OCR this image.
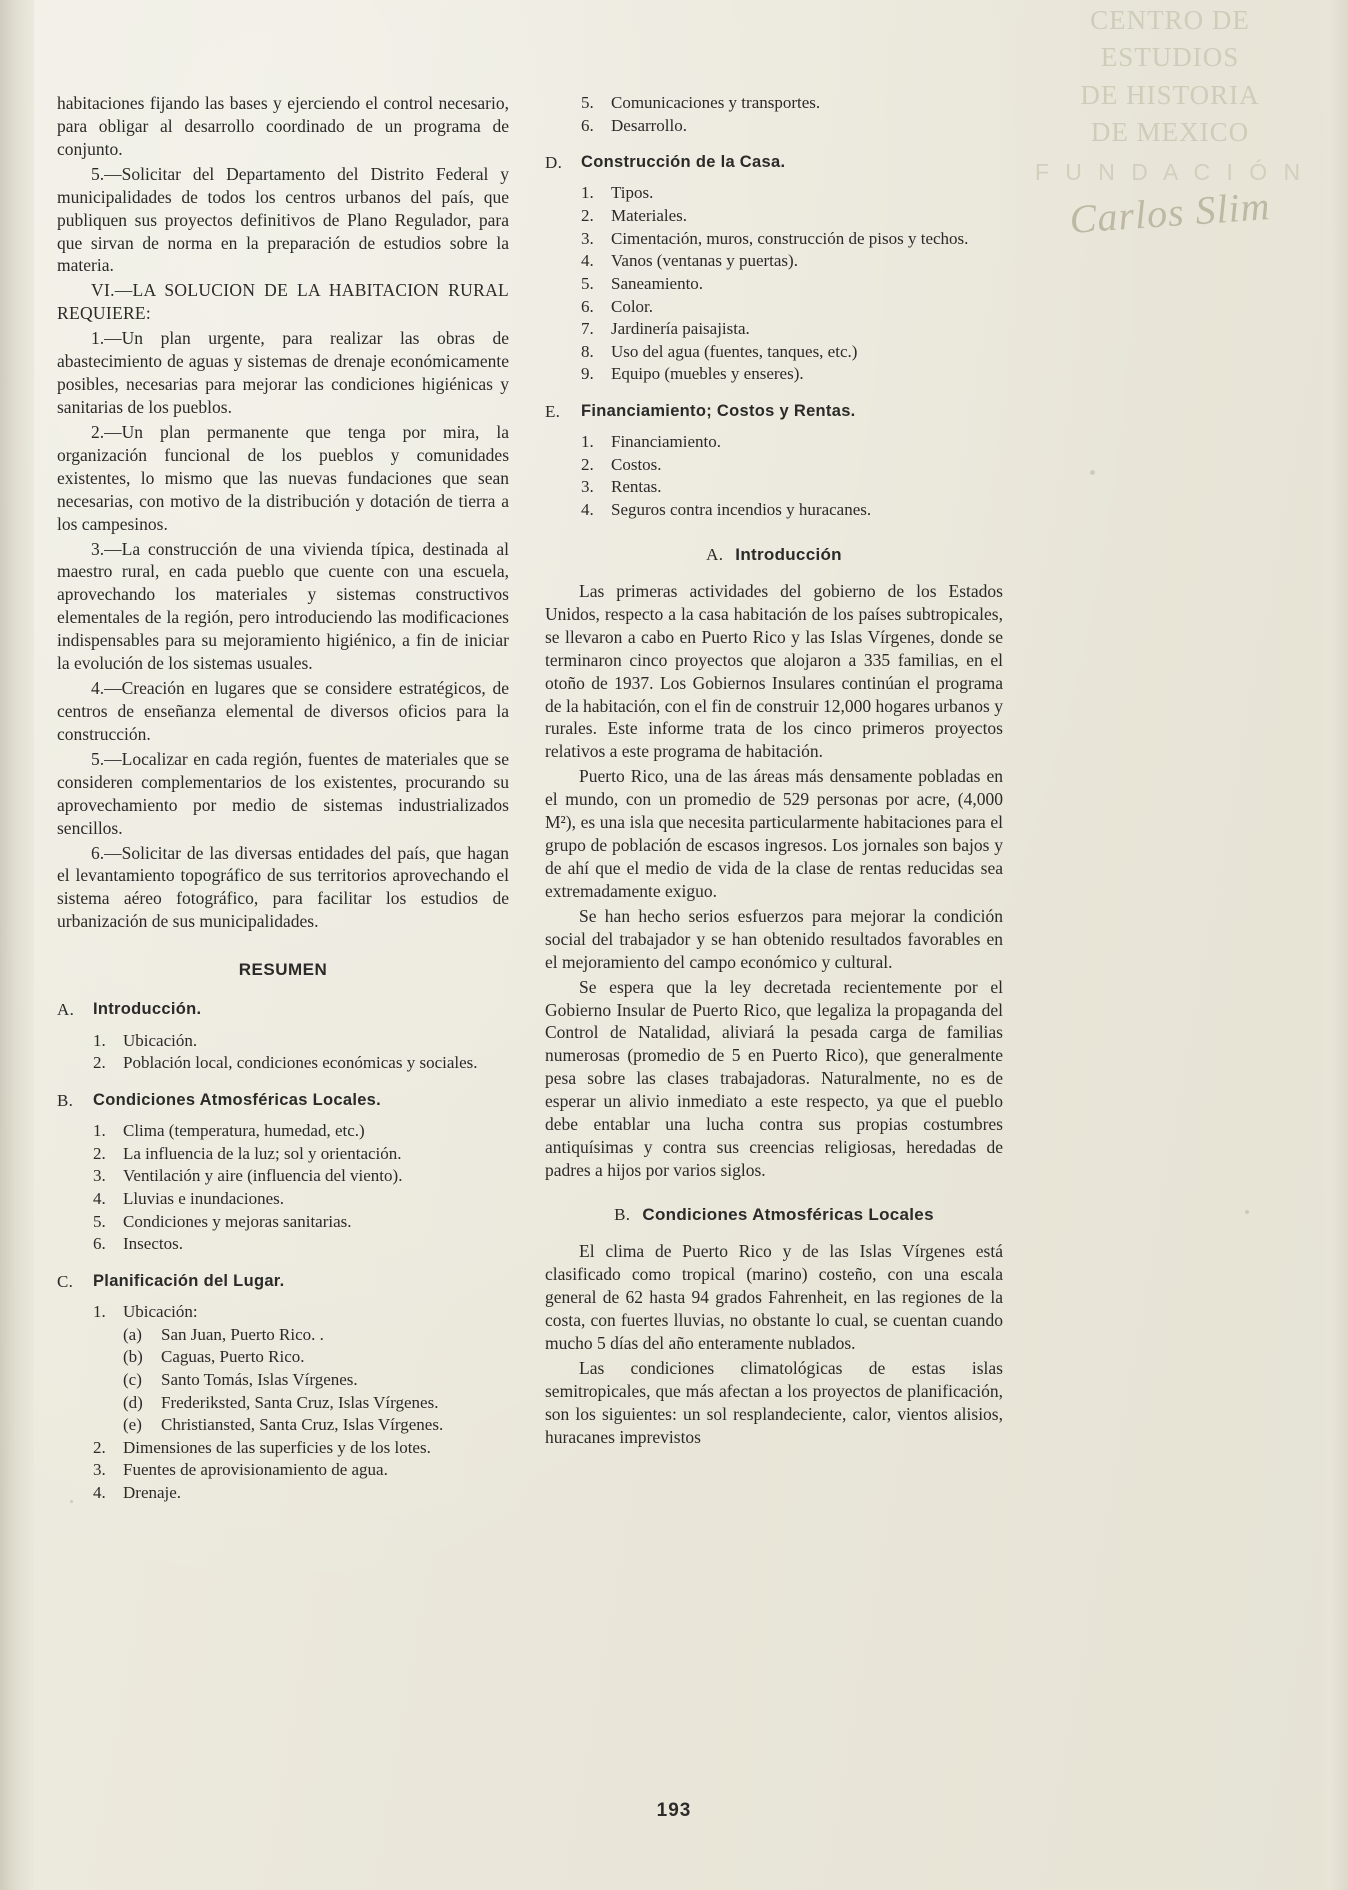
CENTRO DE
ESTUDIOS
DE HISTORIA
DE MEXICO
F U N D A C I Ó N
Carlos Slim

habitaciones fijando las bases y ejerciendo el control necesario, para obligar al desarrollo coordinado de un programa de conjunto.

5.—Solicitar del Departamento del Distrito Federal y municipalidades de todos los centros urbanos del país, que publiquen sus proyectos definitivos de Plano Regulador, para que sirvan de norma en la preparación de estudios sobre la materia.

VI.—LA SOLUCION DE LA HABITACION RURAL REQUIERE:

1.—Un plan urgente, para realizar las obras de abastecimiento de aguas y sistemas de drenaje económicamente posibles, necesarias para mejorar las condiciones higiénicas y sanitarias de los pueblos.

2.—Un plan permanente que tenga por mira, la organización funcional de los pueblos y comunidades existentes, lo mismo que las nuevas fundaciones que sean necesarias, con motivo de la distribución y dotación de tierra a los campesinos.

3.—La construcción de una vivienda típica, destinada al maestro rural, en cada pueblo que cuente con una escuela, aprovechando los materiales y sistemas constructivos elementales de la región, pero introduciendo las modificaciones indispensables para su mejoramiento higiénico, a fin de iniciar la evolución de los sistemas usuales.

4.—Creación en lugares que se considere estratégicos, de centros de enseñanza elemental de diversos oficios para la construcción.

5.—Localizar en cada región, fuentes de materiales que se consideren complementarios de los existentes, procurando su aprovechamiento por medio de sistemas industrializados sencillos.

6.—Solicitar de las diversas entidades del país, que hagan el levantamiento topográfico de sus territorios aprovechando el sistema aéreo fotográfico, para facilitar los estudios de urbanización de sus municipalidades.

RESUMEN
A.	Introducción.
1.	Ubicación.
2.	Población local, condiciones económicas y sociales.
B.	Condiciones Atmosféricas Locales.
1.	Clima (temperatura, humedad, etc.)
2.	La influencia de la luz; sol y orientación.
3.	Ventilación y aire (influencia del viento).
4.	Lluvias e inundaciones.
5.	Condiciones y mejoras sanitarias.
6.	Insectos.
C.	Planificación del Lugar.
1.	Ubicación:
(a)	San Juan, Puerto Rico. .
(b)	Caguas, Puerto Rico.
(c)	Santo Tomás, Islas Vírgenes.
(d)	Frederiksted, Santa Cruz, Islas Vírgenes.
(e)	Christiansted, Santa Cruz, Islas Vírgenes.
2.	Dimensiones de las superficies y de los lotes.
3.	Fuentes de aprovisionamiento de agua.
4.	Drenaje.
5.	Comunicaciones y transportes.
6.	Desarrollo.
D.	Construcción de la Casa.
1.	Tipos.
2.	Materiales.
3.	Cimentación, muros, construcción de pisos y techos.
4.	Vanos (ventanas y puertas).
5.	Saneamiento.
6.	Color.
7.	Jardinería paisajista.
8.	Uso del agua (fuentes, tanques, etc.)
9.	Equipo (muebles y enseres).
E.	Financiamiento; Costos y Rentas.
1.	Financiamiento.
2.	Costos.
3.	Rentas.
4.	Seguros contra incendios y huracanes.
A. Introducción

Las primeras actividades del gobierno de los Estados Unidos, respecto a la casa habitación de los países subtropicales, se llevaron a cabo en Puerto Rico y las Islas Vírgenes, donde se terminaron cinco proyectos que alojaron a 335 familias, en el otoño de 1937. Los Gobiernos Insulares continúan el programa de la habitación, con el fin de construir 12,000 hogares urbanos y rurales. Este informe trata de los cinco primeros proyectos relativos a este programa de habitación.

Puerto Rico, una de las áreas más densamente pobladas en el mundo, con un promedio de 529 personas por acre, (4,000 M²), es una isla que necesita particularmente habitaciones para el grupo de población de escasos ingresos. Los jornales son bajos y de ahí que el medio de vida de la clase de rentas reducidas sea extremadamente exiguo.

Se han hecho serios esfuerzos para mejorar la condición social del trabajador y se han obtenido resultados favorables en el mejoramiento del campo económico y cultural.

Se espera que la ley decretada recientemente por el Gobierno Insular de Puerto Rico, que legaliza la propaganda del Control de Natalidad, aliviará la pesada carga de familias numerosas (promedio de 5 en Puerto Rico), que generalmente pesa sobre las clases trabajadoras. Naturalmente, no es de esperar un alivio inmediato a este respecto, ya que el pueblo debe entablar una lucha contra sus propias costumbres antiquísimas y contra sus creencias religiosas, heredadas de padres a hijos por varios siglos.

B. Condiciones Atmosféricas Locales

El clima de Puerto Rico y de las Islas Vírgenes está clasificado como tropical (marino) costeño, con una escala general de 62 hasta 94 grados Fahrenheit, en las regiones de la costa, con fuertes lluvias, no obstante lo cual, se cuentan cuando mucho 5 días del año enteramente nublados.

Las condiciones climatológicas de estas islas semitropicales, que más afectan a los proyectos de planificación, son los siguientes: un sol resplandeciente, calor, vientos alisios, huracanes imprevistos

193
